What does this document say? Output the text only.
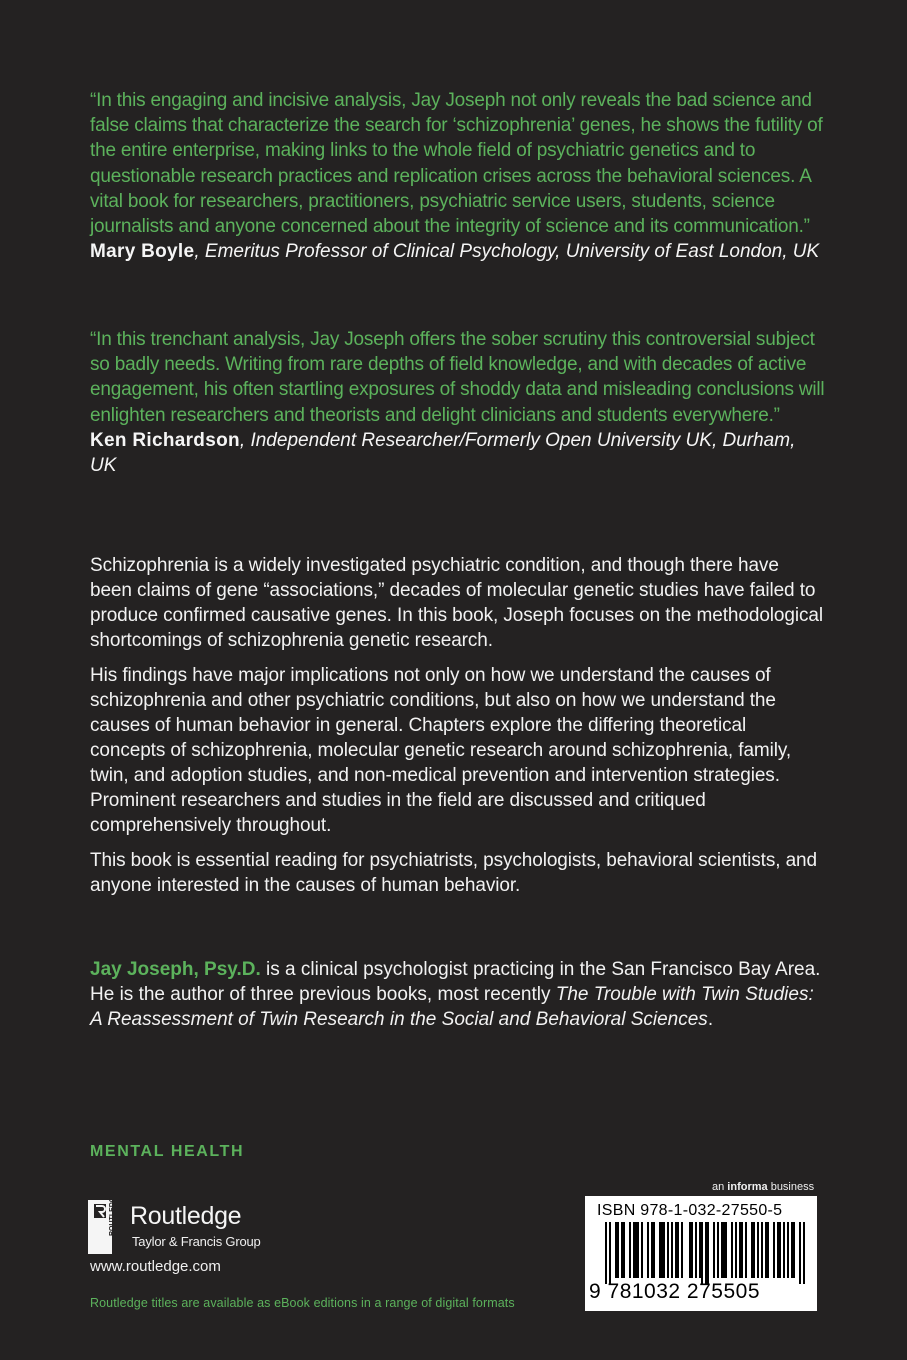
“In this engaging and incisive analysis, Jay Joseph not only reveals the bad science and false claims that characterize the search for ‘schizophrenia’ genes, he shows the futility of the entire enterprise, making links to the whole field of psychiatric genetics and to questionable research practices and replication crises across the behavioral sciences. A vital book for researchers, practitioners, psychiatric service users, students, science journalists and anyone concerned about the integrity of science and its communication.”

Mary Boyle, Emeritus Professor of Clinical Psychology, University of East London, UK

“In this trenchant analysis, Jay Joseph offers the sober scrutiny this controversial subject so badly needs. Writing from rare depths of field knowledge, and with decades of active engagement, his often startling exposures of shoddy data and misleading conclusions will enlighten researchers and theorists and delight clinicians and students everywhere.”

Ken Richardson, Independent Researcher/Formerly Open University UK, Durham, UK

Schizophrenia is a widely investigated psychiatric condition, and though there have been claims of gene “associations,” decades of molecular genetic studies have failed to produce confirmed causative genes. In this book, Joseph focuses on the methodological shortcomings of schizophrenia genetic research.

His findings have major implications not only on how we understand the causes of schizophrenia and other psychiatric conditions, but also on how we understand the causes of human behavior in general. Chapters explore the differing theoretical concepts of schizophrenia, molecular genetic research around schizophrenia, family, twin, and adoption studies, and non-medical prevention and intervention strategies. Prominent researchers and studies in the field are discussed and critiqued comprehensively throughout.

This book is essential reading for psychiatrists, psychologists, behavioral scientists, and anyone interested in the causes of human behavior.

Jay Joseph, Psy.D. is a clinical psychologist practicing in the San Francisco Bay Area. He is the author of three previous books, most recently The Trouble with Twin Studies: A Reassessment of Twin Research in the Social and Behavioral Sciences.

MENTAL HEALTH

ROUTLEDGE Routledge
Taylor & Francis Group

www.routledge.com

Routledge titles are available as eBook editions in a range of digital formats

an informa business

ISBN 978-1-032-27550-5

9 781032 275505
